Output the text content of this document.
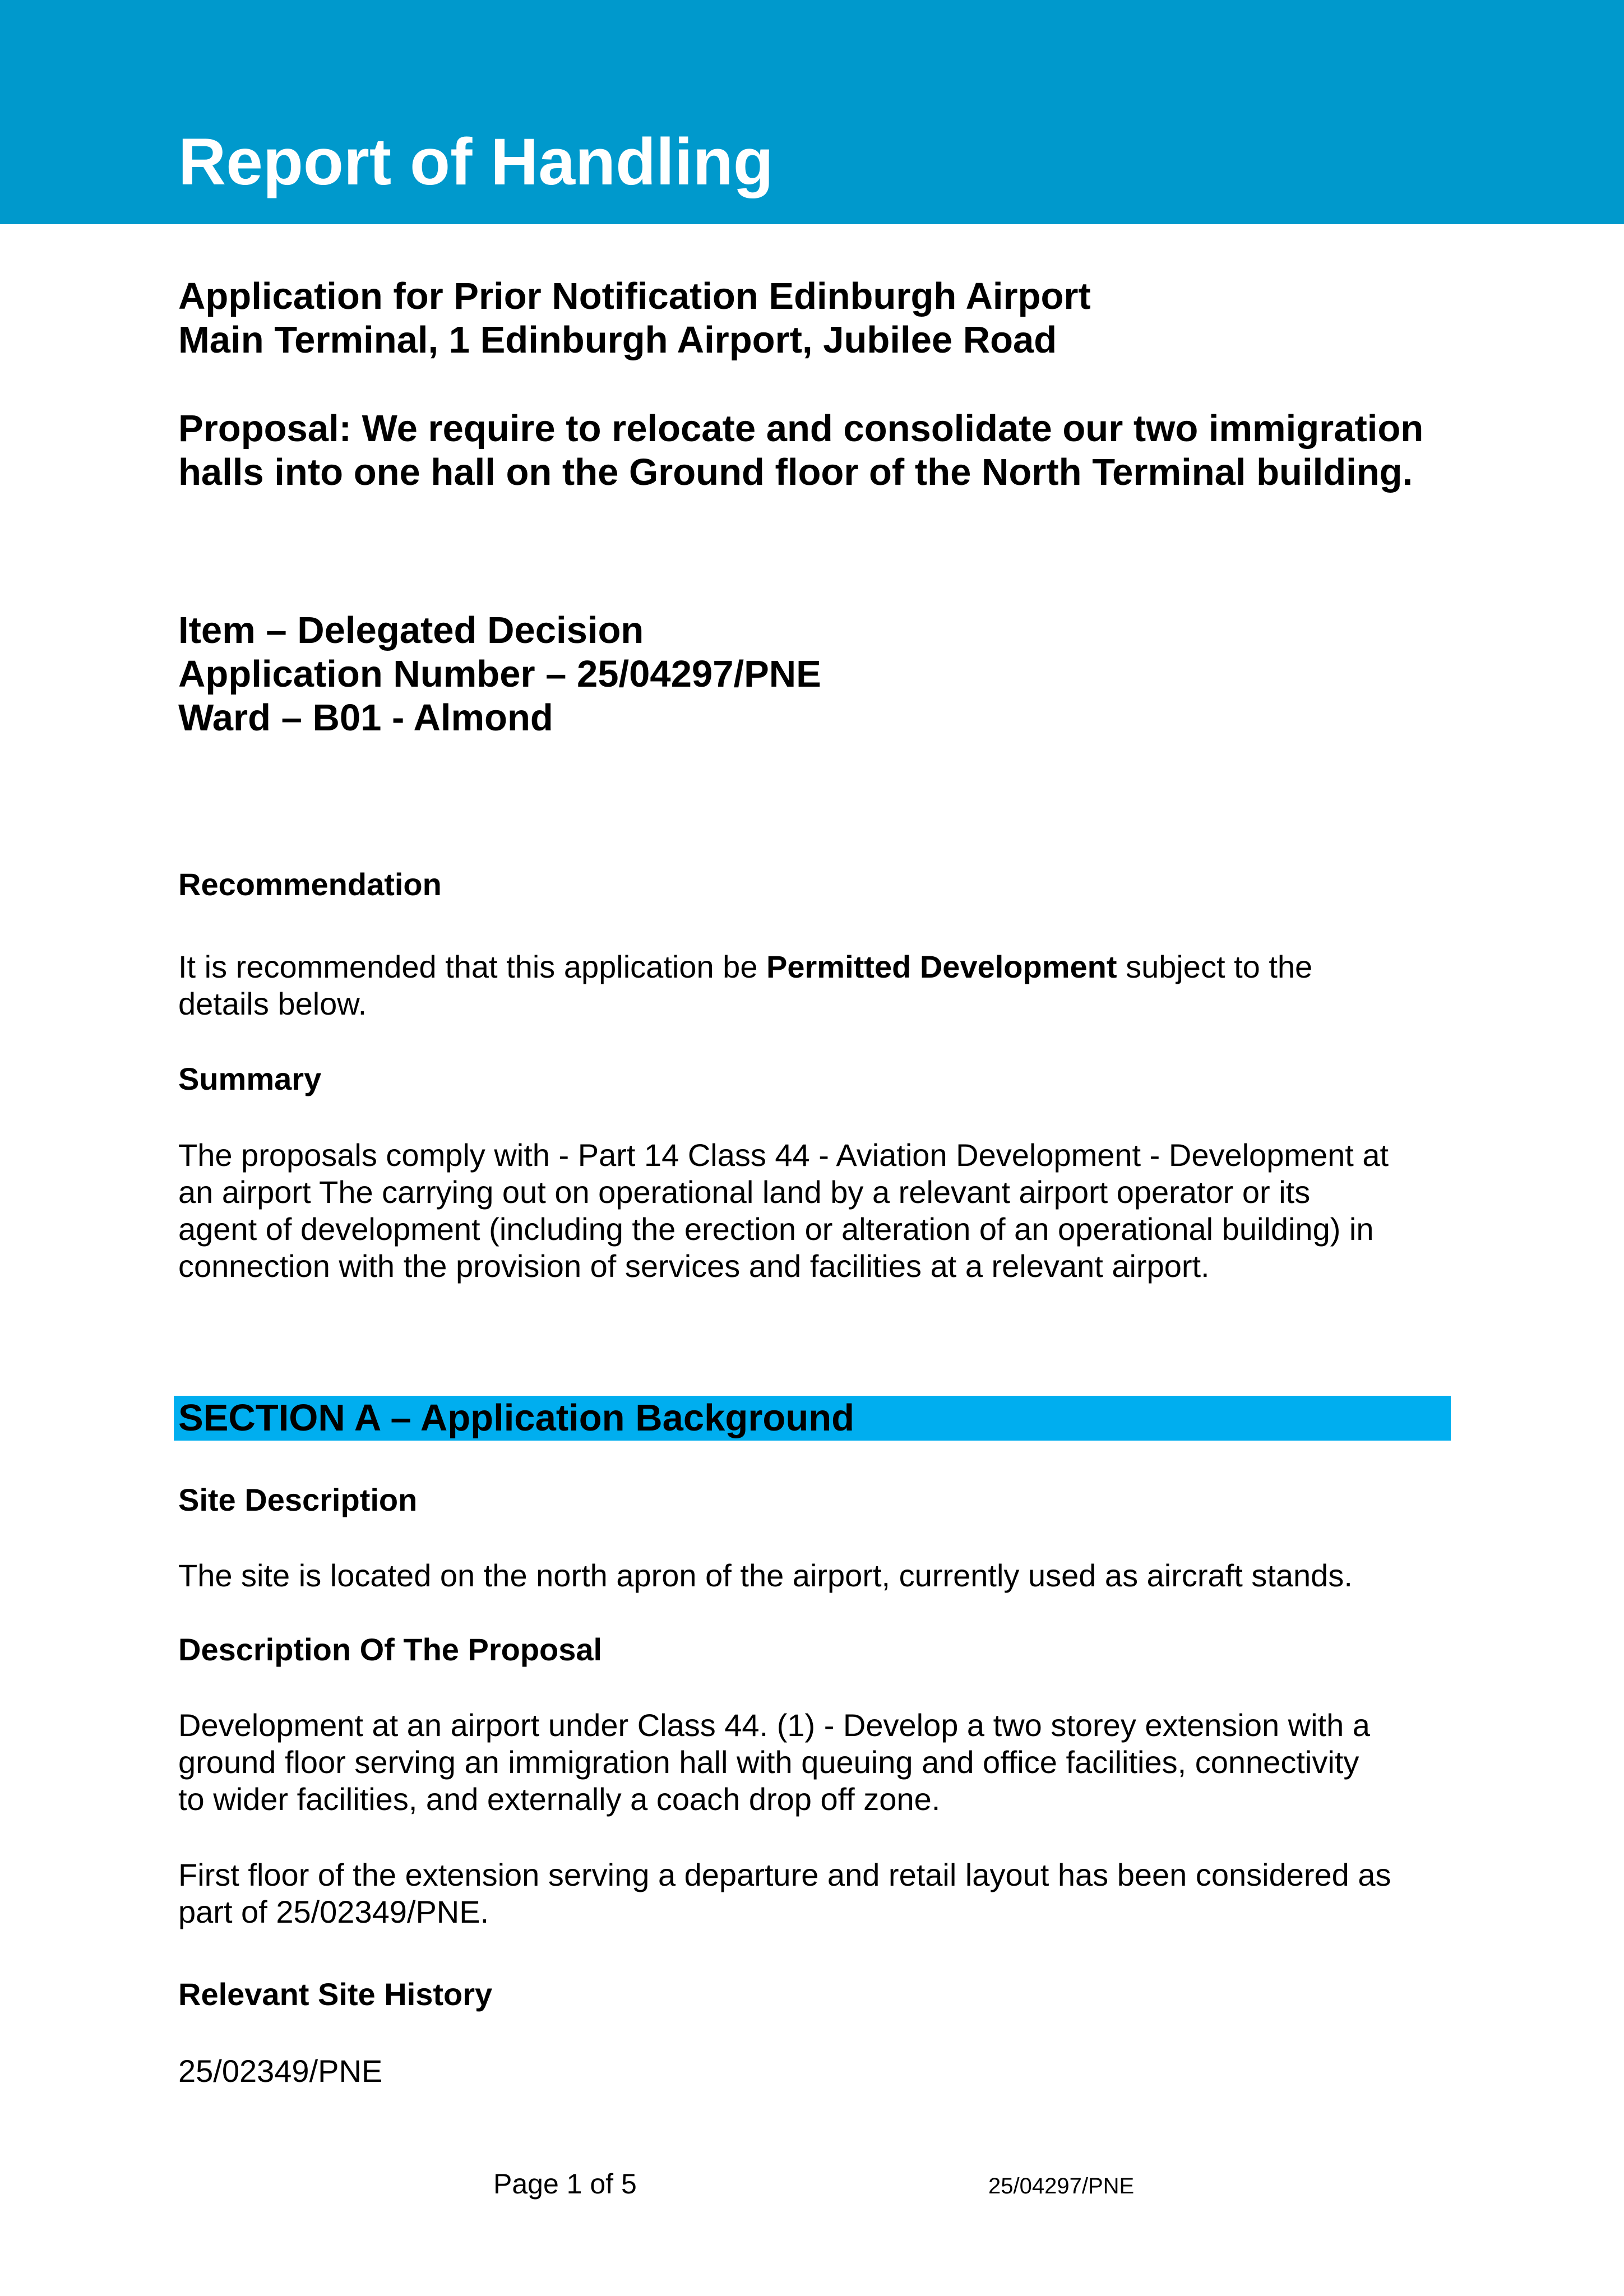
Report of Handling
Application for Prior Notification Edinburgh Airport
Main Terminal, 1 Edinburgh Airport, Jubilee Road
Proposal: We require to relocate and consolidate our two immigration
halls into one hall on the Ground floor of the North Terminal building.
Item – Delegated Decision
Application Number – 25/04297/PNE
Ward – B01 - Almond
Recommendation
It is recommended that this application be Permitted Development subject to the
details below.
Summary
The proposals comply with - Part 14 Class 44 - Aviation Development - Development at
an airport The carrying out on operational land by a relevant airport operator or its
agent of development (including the erection or alteration of an operational building) in
connection with the provision of services and facilities at a relevant airport.
SECTION A – Application Background
Site Description
The site is located on the north apron of the airport, currently used as aircraft stands.
Description Of The Proposal
Development at an airport under Class 44. (1) - Develop a two storey extension with a
ground floor serving an immigration hall with queuing and office facilities, connectivity
to wider facilities, and externally a coach drop off zone.
First floor of the extension serving a departure and retail layout has been considered as
part of 25/02349/PNE.
Relevant Site History
25/02349/PNE
Page 1 of 5	25/04297/PNE
